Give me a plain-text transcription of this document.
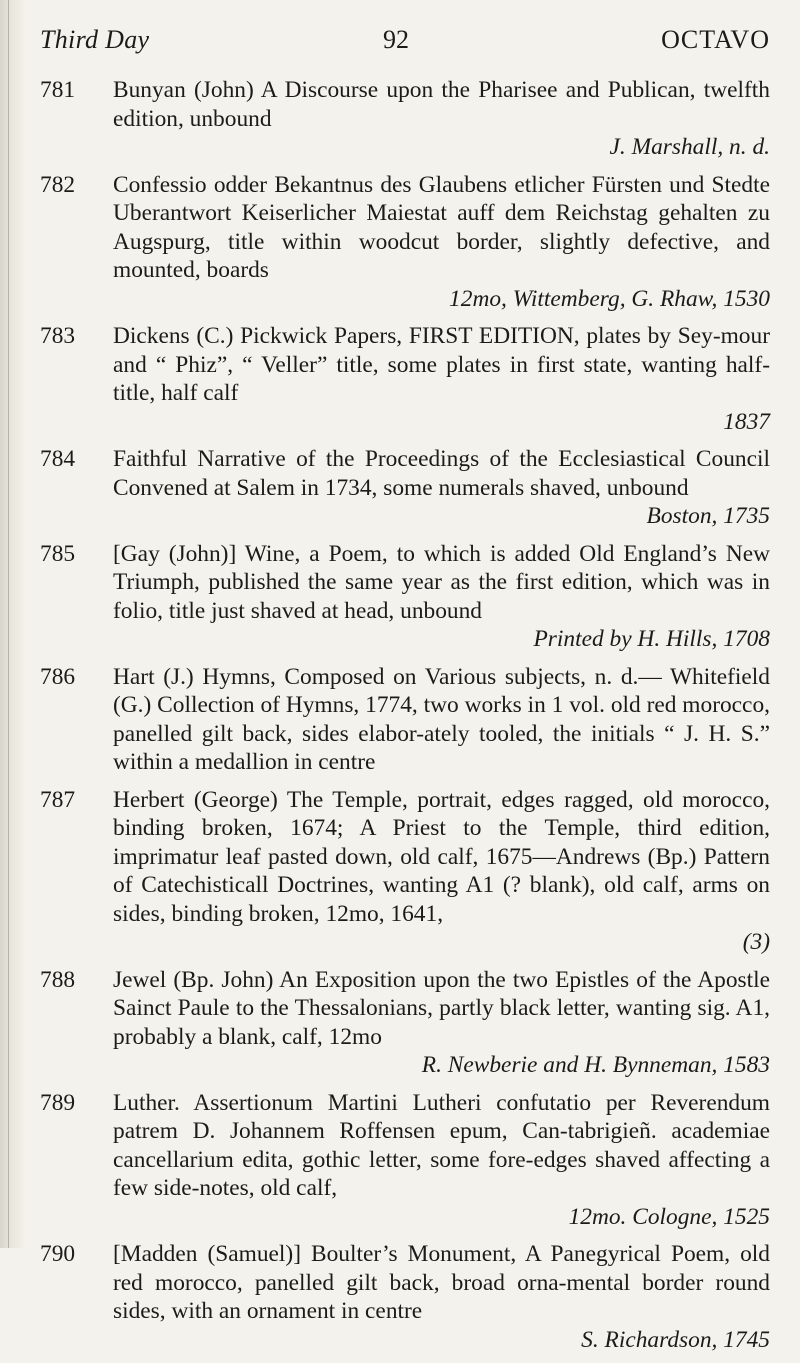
Third Day	92	OCTAVO
781 Bunyan (John) A Discourse upon the Pharisee and Publican, twelfth edition, unbound
J. Marshall, n. d.
782 Confessio odder Bekantnus des Glaubens etlicher Fürsten und Stedte Uberantwort Keiserlicher Maiestat auff dem Reichstag gehalten zu Augspurg, title within woodcut border, slightly defective, and mounted, boards
12mo, Wittemberg, G. Rhaw, 1530
783 Dickens (C.) Pickwick Papers, FIRST EDITION, plates by Sey-mour and “ Phiz”, “ Veller” title, some plates in first state, wanting half-title, half calf
1837
784 Faithful Narrative of the Proceedings of the Ecclesiastical Council Convened at Salem in 1734, some numerals shaved, unbound
Boston, 1735
785 [Gay (John)] Wine, a Poem, to which is added Old England’s New Triumph, published the same year as the first edition, which was in folio, title just shaved at head, unbound
Printed by H. Hills, 1708
786 Hart (J.) Hymns, Composed on Various subjects, n. d.— Whitefield (G.) Collection of Hymns, 1774, two works in 1 vol. old red morocco, panelled gilt back, sides elabor-ately tooled, the initials “ J. H. S.” within a medallion in centre
787 Herbert (George) The Temple, portrait, edges ragged, old morocco, binding broken, 1674; A Priest to the Temple, third edition, imprimatur leaf pasted down, old calf, 1675—Andrews (Bp.) Pattern of Catechisticall Doctrines, wanting A1 (? blank), old calf, arms on sides, binding broken, 12mo, 1641,
(3)
788 Jewel (Bp. John) An Exposition upon the two Epistles of the Apostle Sainct Paule to the Thessalonians, partly black letter, wanting sig. A1, probably a blank, calf, 12mo
R. Newberie and H. Bynneman, 1583
789 Luther. Assertionum Martini Lutheri confutatio per Reverendum patrem D. Johannem Roffensen epum, Can-tabrigieñ. academiae cancellarium edita, gothic letter, some fore-edges shaved affecting a few side-notes, old calf,
12mo. Cologne, 1525
790 [Madden (Samuel)] Boulter’s Monument, A Panegyrical Poem, old red morocco, panelled gilt back, broad orna-mental border round sides, with an ornament in centre
S. Richardson, 1745
